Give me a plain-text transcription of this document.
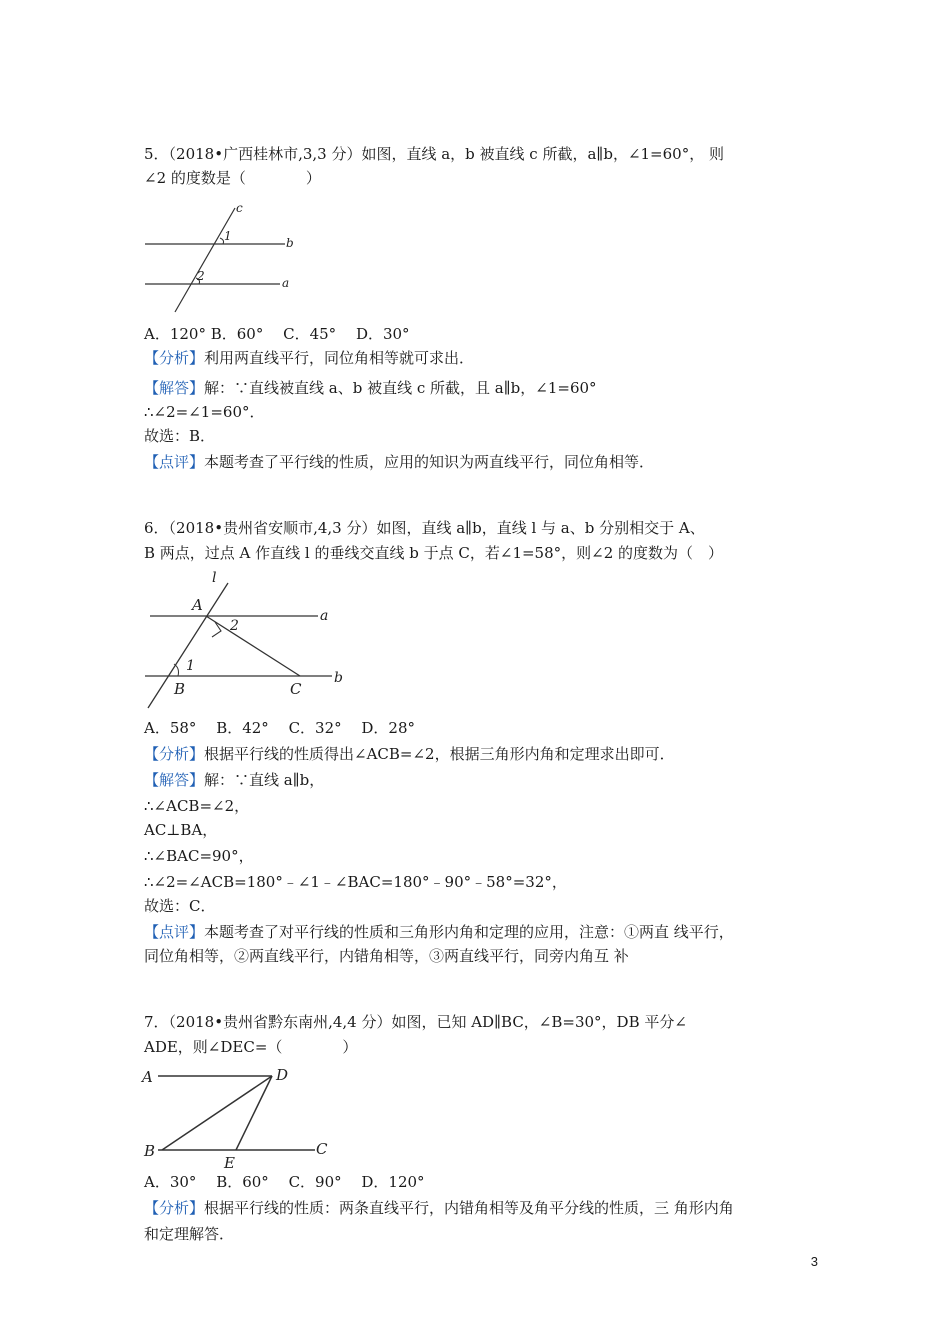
5．（2018•广西桂林市,3,3 分）如图，直线 a，b 被直线 c 所截，a∥b，∠1=60°， 则
∠2 的度数是（　　　　）
c
1	b
2	a
A．120° B．60°　 C．45°　 D．30°
【分析】利用两直线平行，同位角相等就可求出．
【解答】解：∵直线被直线 a、b 被直线 c 所截，且 a∥b，∠1=60°
∴∠2=∠1=60°．
故选：B．
【点评】本题考查了平行线的性质，应用的知识为两直线平行，同位角相等．
6．（2018•贵州省安顺市,4,3 分）如图，直线 a∥b，直线 l 与 a、b 分别相交于 A、
B 两点，过点 A 作直线 l 的垂线交直线 b 于点 C，若∠1=58°，则∠2 的度数为（　）
l
A
2
a
1
B	C
b
A．58°　 B．42°　 C．32°　 D．28°
【分析】根据平行线的性质得出∠ACB=∠2，根据三角形内角和定理求出即可．
【解答】解：∵直线 a∥b，
∴∠ACB=∠2，
AC⊥BA，
∴∠BAC=90°，
∴∠2=∠ACB=180°﹣∠1﹣∠BAC=180°﹣90°﹣58°=32°，
故选：C．
【点评】本题考查了对平行线的性质和三角形内角和定理的应用，注意：①两直 线平行，
同位角相等，②两直线平行，内错角相等，③两直线平行，同旁内角互 补
7．（2018•贵州省黔东南州,4,4 分）如图，已知 AD∥BC，∠B=30°，DB 平分∠
ADE，则∠DEC=（　　　　）
A	D
B
E
C
A．30°　 B．60°　 C．90°　 D．120°
【分析】根据平行线的性质：两条直线平行，内错角相等及角平分线的性质，三 角形内角
和定理解答．
3
